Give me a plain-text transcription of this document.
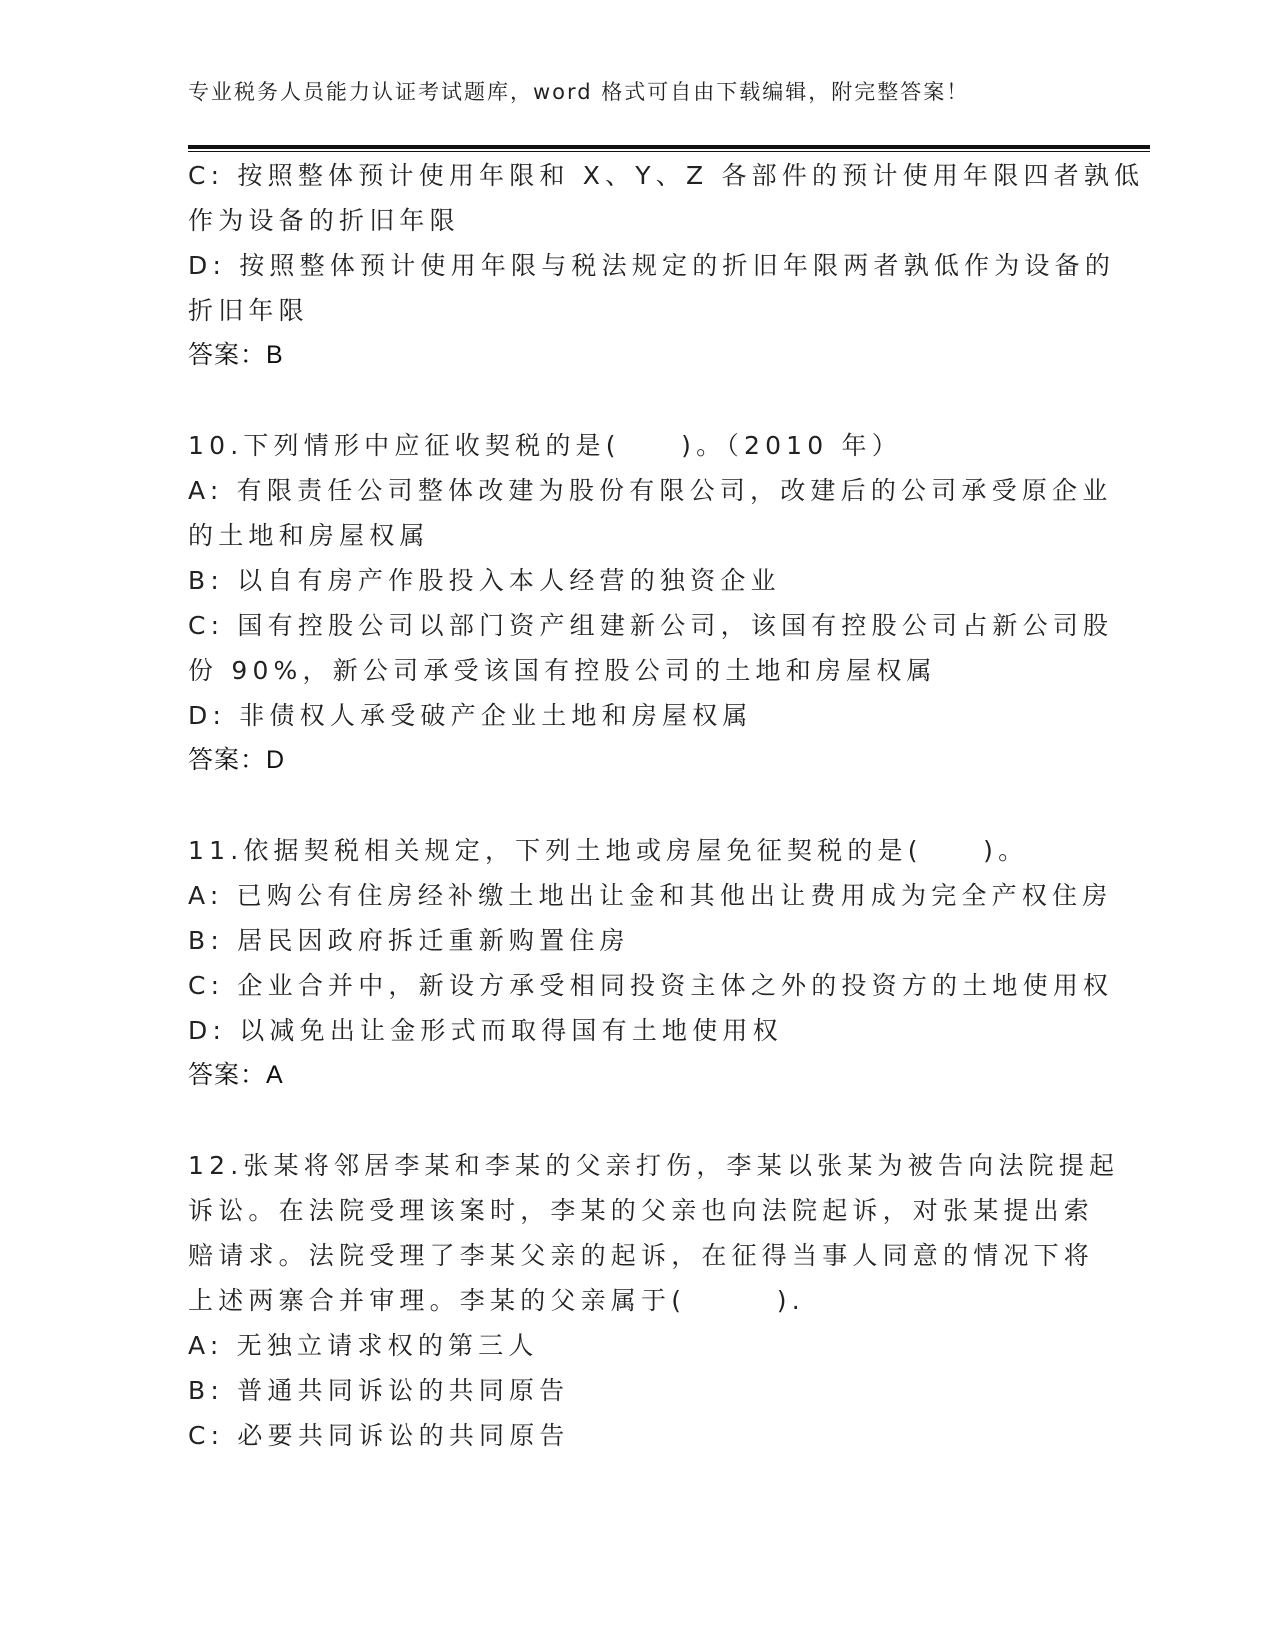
专业税务人员能力认证考试题库，word 格式可自由下载编辑，附完整答案！
C: 按照整体预计使用年限和 X、Y、Z 各部件的预计使用年限四者孰低
作为设备的折旧年限
D: 按照整体预计使用年限与税法规定的折旧年限两者孰低作为设备的
折旧年限
答案：B
10.下列情形中应征收契税的是(　　)。（2010 年）
A: 有限责任公司整体改建为股份有限公司，改建后的公司承受原企业
的土地和房屋权属
B: 以自有房产作股投入本人经营的独资企业
C: 国有控股公司以部门资产组建新公司，该国有控股公司占新公司股
份 90%，新公司承受该国有控股公司的土地和房屋权属
D: 非债权人承受破产企业土地和房屋权属
答案：D
11.依据契税相关规定，下列土地或房屋免征契税的是(　　)。
A: 已购公有住房经补缴土地出让金和其他出让费用成为完全产权住房
B: 居民因政府拆迁重新购置住房
C: 企业合并中，新设方承受相同投资主体之外的投资方的土地使用权
D: 以减免出让金形式而取得国有土地使用权
答案：A
12.张某将邻居李某和李某的父亲打伤，李某以张某为被告向法院提起
诉讼。在法院受理该案时，李某的父亲也向法院起诉，对张某提出索
赔请求。法院受理了李某父亲的起诉，在征得当事人同意的情况下将
上述两寨合并审理。李某的父亲属于(　　　).
A: 无独立请求权的第三人
B: 普通共同诉讼的共同原告
C: 必要共同诉讼的共同原告
